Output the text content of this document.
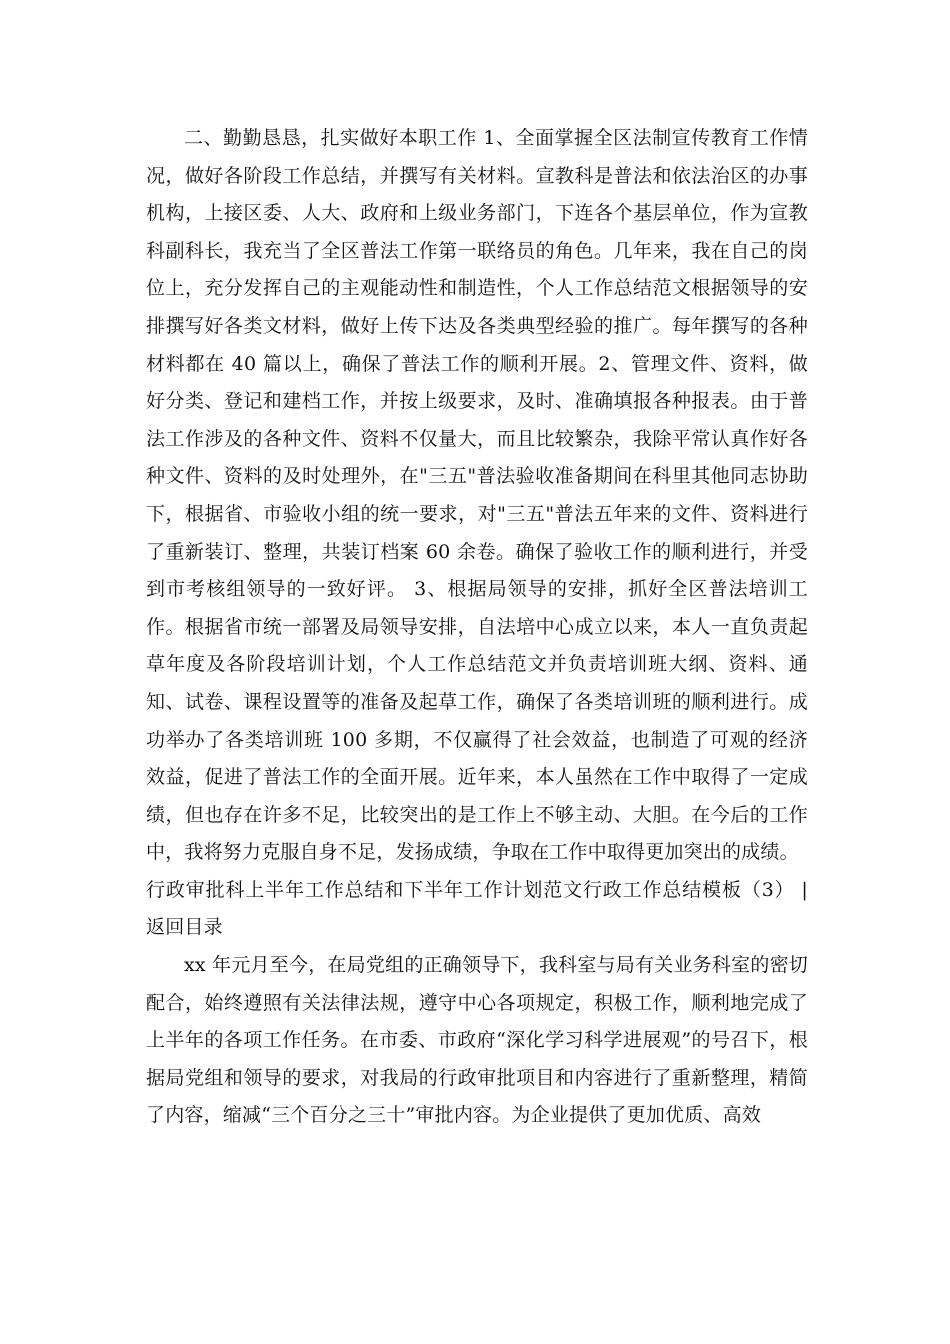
二、勤勤恳恳，扎实做好本职工作 1、全面掌握全区法制宣传教育工作情况，做好各阶段工作总结，并撰写有关材料。宣教科是普法和依法治区的办事机构，上接区委、人大、政府和上级业务部门，下连各个基层单位，作为宣教科副科长，我充当了全区普法工作第一联络员的角色。几年来，我在自己的岗位上，充分发挥自己的主观能动性和制造性，个人工作总结范文根据领导的安排撰写好各类文材料，做好上传下达及各类典型经验的推广。每年撰写的各种材料都在 40 篇以上，确保了普法工作的顺利开展。2、管理文件、资料，做好分类、登记和建档工作，并按上级要求，及时、准确填报各种报表。由于普法工作涉及的各种文件、资料不仅量大，而且比较繁杂，我除平常认真作好各种文件、资料的及时处理外，在"三五"普法验收准备期间在科里其他同志协助下，根据省、市验收小组的统一要求，对"三五"普法五年来的文件、资料进行了重新装订、整理，共装订档案 60 余卷。确保了验收工作的顺利进行，并受到市考核组领导的一致好评。 3、根据局领导的安排，抓好全区普法培训工作。根据省市统一部署及局领导安排，自法培中心成立以来，本人一直负责起草年度及各阶段培训计划，个人工作总结范文并负责培训班大纲、资料、通知、试卷、课程设置等的准备及起草工作，确保了各类培训班的顺利进行。成功举办了各类培训班 100 多期，不仅赢得了社会效益，也制造了可观的经济效益，促进了普法工作的全面开展。近年来，本人虽然在工作中取得了一定成绩，但也存在许多不足，比较突出的是工作上不够主动、大胆。在今后的工作中，我将努力克服自身不足，发扬成绩，争取在工作中取得更加突出的成绩。

行政审批科上半年工作总结和下半年工作计划范文行政工作总结模板（3） | 返回目录

xx 年元月至今，在局党组的正确领导下，我科室与局有关业务科室的密切配合，始终遵照有关法律法规，遵守中心各项规定，积极工作，顺利地完成了上半年的各项工作任务。在市委、市政府“深化学习科学进展观”的号召下，根据局党组和领导的要求，对我局的行政审批项目和内容进行了重新整理，精简了内容，缩减“三个百分之三十”审批内容。为企业提供了更加优质、高效
